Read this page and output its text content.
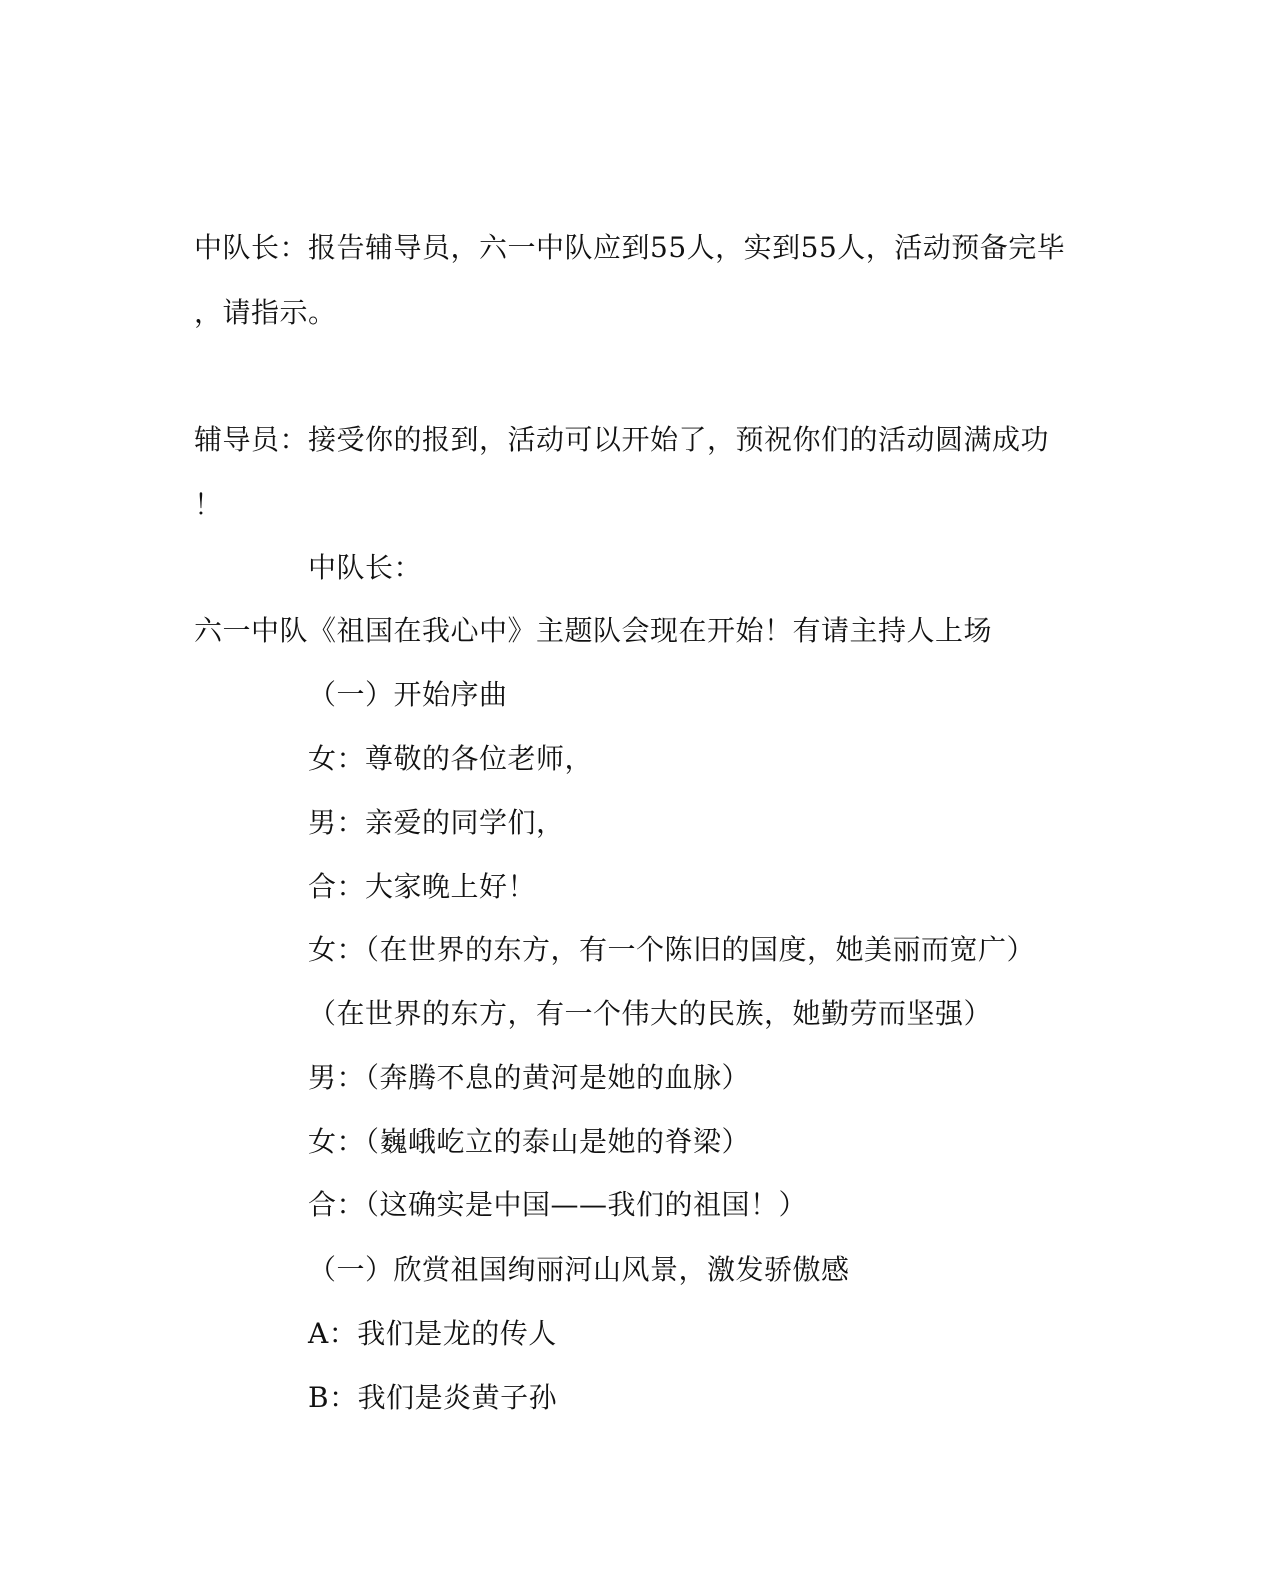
中队长：报告辅导员，六一中队应到55人，实到55人，活动预备完毕
，请指示。
辅导员：接受你的报到，活动可以开始了，预祝你们的活动圆满成功
！
中队长：
六一中队《祖国在我心中》主题队会现在开始！有请主持人上场
（一）开始序曲
女：尊敬的各位老师，
男：亲爱的同学们，
合：大家晚上好！
女：（在世界的东方，有一个陈旧的国度，她美丽而宽广）
（在世界的东方，有一个伟大的民族，她勤劳而坚强）
男：（奔腾不息的黄河是她的血脉）
女：（巍峨屹立的泰山是她的脊梁）
合：（这确实是中国——我们的祖国！）
（一）欣赏祖国绚丽河山风景，激发骄傲感
A：我们是龙的传人
B：我们是炎黄子孙
